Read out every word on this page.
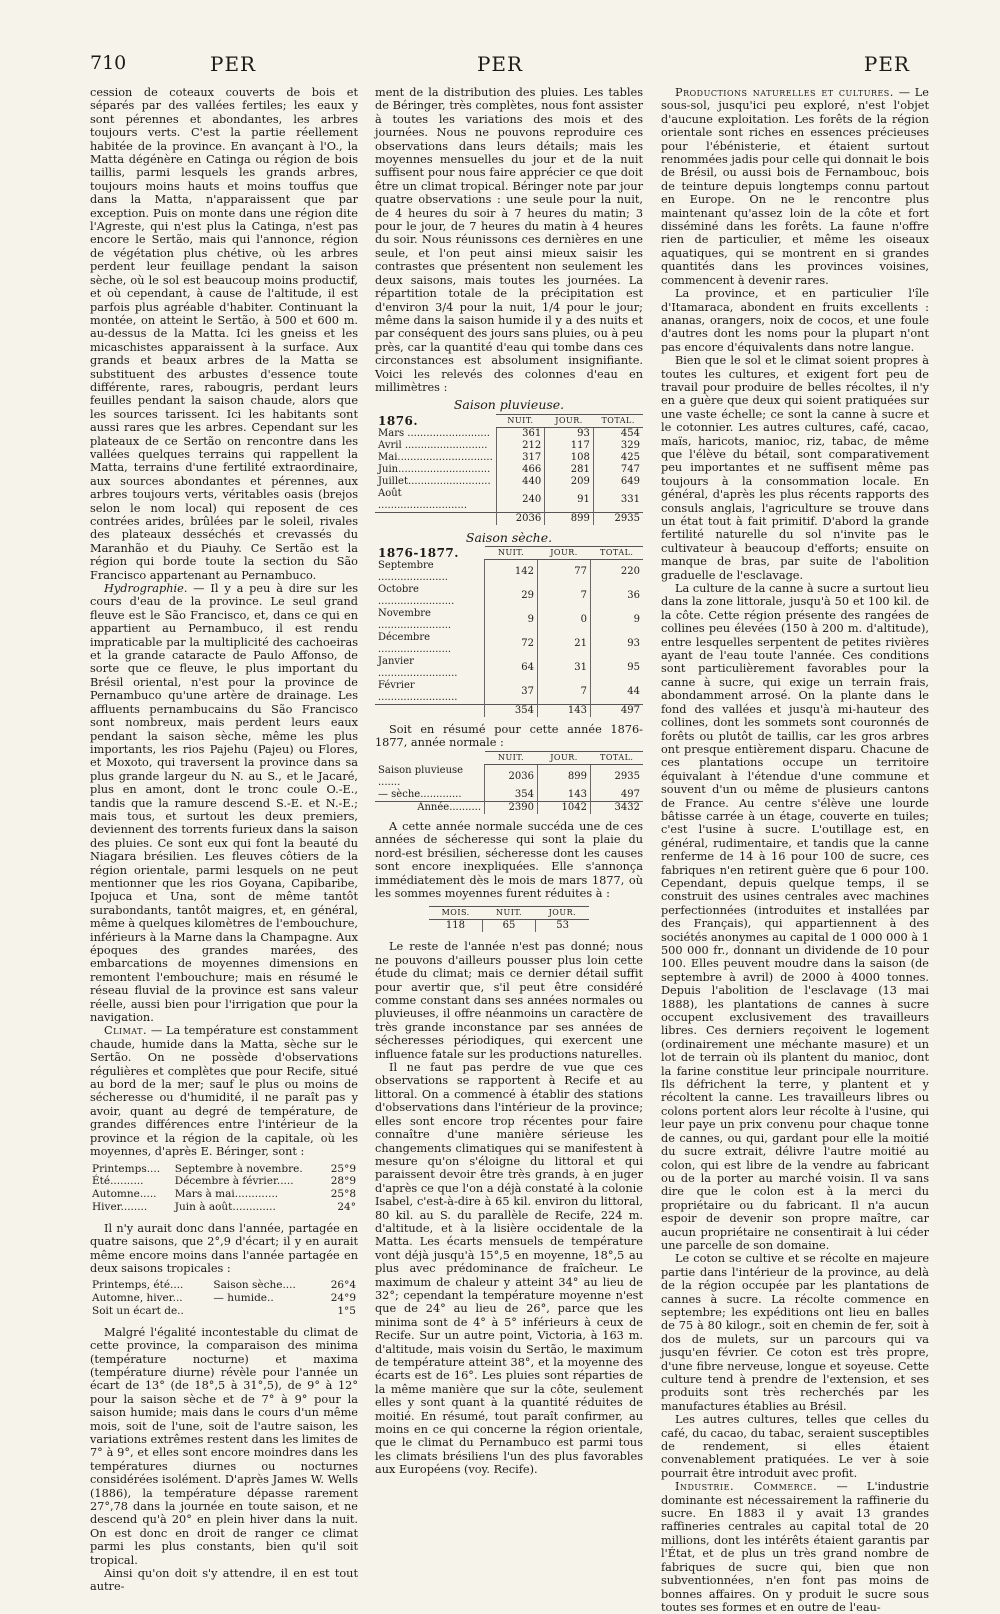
710	PER	PER
PER

cession de coteaux couverts de bois et séparés par des vallées fertiles; les eaux y sont pérennes et abondantes, les arbres toujours verts. C'est la partie réellement habitée de la province. En avançant à l'O., la Matta dégénère en Catinga ou région de bois taillis, parmi lesquels les grands arbres, toujours moins hauts et moins touffus que dans la Matta, n'apparaissent que par exception. Puis on monte dans une région dite l'Agreste, qui n'est plus la Catinga, n'est pas encore le Sertão, mais qui l'annonce, région de végétation plus chétive, où les arbres perdent leur feuillage pendant la saison sèche, où le sol est beaucoup moins productif, et où cependant, à cause de l'altitude, il est parfois plus agréable d'habiter. Continuant la montée, on atteint le Sertão, à 500 et 600 m. au-dessus de la Matta. Ici les gneiss et les micaschistes apparaissent à la surface. Aux grands et beaux arbres de la Matta se substituent des arbustes d'essence toute différente, rares, rabougris, perdant leurs feuilles pendant la saison chaude, alors que les sources tarissent. Ici les habitants sont aussi rares que les arbres. Cependant sur les plateaux de ce Sertão on rencontre dans les vallées quelques terrains qui rappellent la Matta, terrains d'une fertilité extraordinaire, aux sources abondantes et pérennes, aux arbres toujours verts, véritables oasis (brejos selon le nom local) qui reposent de ces contrées arides, brûlées par le soleil, rivales des plateaux desséchés et crevassés du Maranhão et du Piauhy. Ce Sertão est la région qui borde toute la section du São Francisco appartenant au Pernambuco.

Hydrographie. — Il y a peu à dire sur les cours d'eau de la province. Le seul grand fleuve est le São Francisco, et, dans ce qui en appartient au Pernambuco, il est rendu impraticable par la multiplicité des cachoeiras et la grande cataracte de Paulo Affonso, de sorte que ce fleuve, le plus important du Brésil oriental, n'est pour la province de Pernambuco qu'une artère de drainage. Les affluents pernambucains du São Francisco sont nombreux, mais perdent leurs eaux pendant la saison sèche, même les plus importants, les rios Pajehu (Pajeu) ou Flores, et Moxoto, qui traversent la province dans sa plus grande largeur du N. au S., et le Jacaré, plus en amont, dont le tronc coule O.-E., tandis que la ramure descend S.-E. et N.-E.; mais tous, et surtout les deux premiers, deviennent des torrents furieux dans la saison des pluies. Ce sont eux qui font la beauté du Niagara brésilien. Les fleuves côtiers de la région orientale, parmi lesquels on ne peut mentionner que les rios Goyana, Capibaribe, Ipojuca et Una, sont de même tantôt surabondants, tantôt maigres, et, en général, même à quelques kilomètres de l'embouchure, inférieurs à la Marne dans la Champagne. Aux époques des grandes marées, des embarcations de moyennes dimensions en remontent l'embouchure; mais en résumé le réseau fluvial de la province est sans valeur réelle, aussi bien pour l'irrigation que pour la navigation.

Climat. — La température est constamment chaude, humide dans la Matta, sèche sur le Sertão. On ne possède d'observations régulières et complètes que pour Recife, situé au bord de la mer; sauf le plus ou moins de sécheresse ou d'humidité, il ne paraît pas y avoir, quant au degré de température, de grandes différences entre l'intérieur de la province et la région de la capitale, où les moyennes, d'après E. Béringer, sont :

Printemps....	Septembre à novembre.	25°9
Été..........	Décembre à février.....	28°9
Automne.....	Mars à mai.............	25°8
Hiver........	Juin à août.............	24°

Il n'y aurait donc dans l'année, partagée en quatre saisons, que 2°,9 d'écart; il y en aurait même encore moins dans l'année partagée en deux saisons tropicales :

Printemps, été....	Saison sèche....	26°4
Automne, hiver...	— humide..	24°9
Soit un écart de..		1°5

Malgré l'égalité incontestable du climat de cette province, la comparaison des minima (température nocturne) et maxima (température diurne) révèle pour l'année un écart de 13° (de 18°,5 à 31°,5), de 9° à 12° pour la saison sèche et de 7° à 9° pour la saison humide; mais dans le cours d'un même mois, soit de l'une, soit de l'autre saison, les variations extrêmes restent dans les limites de 7° à 9°, et elles sont encore moindres dans les températures diurnes ou nocturnes considérées isolément. D'après James W. Wells (1886), la température dépasse rarement 27°,78 dans la journée en toute saison, et ne descend qu'à 20° en plein hiver dans la nuit. On est donc en droit de ranger ce climat parmi les plus constants, bien qu'il soit tropical.

Ainsi qu'on doit s'y attendre, il en est tout autre-

ment de la distribution des pluies. Les tables de Béringer, très complètes, nous font assister à toutes les variations des mois et des journées. Nous ne pouvons reproduire ces observations dans leurs détails; mais les moyennes mensuelles du jour et de la nuit suffisent pour nous faire apprécier ce que doit être un climat tropical. Béringer note par jour quatre observations : une seule pour la nuit, de 4 heures du soir à 7 heures du matin; 3 pour le jour, de 7 heures du matin à 4 heures du soir. Nous réunissons ces dernières en une seule, et l'on peut ainsi mieux saisir les contrastes que présentent non seulement les deux saisons, mais toutes les journées. La répartition totale de la précipitation est d'environ 3/4 pour la nuit, 1/4 pour le jour; même dans la saison humide il y a des nuits et par conséquent des jours sans pluies, ou à peu près, car la quantité d'eau qui tombe dans ces circonstances est absolument insignifiante. Voici les relevés des colonnes d'eau en millimètres :

Saison pluvieuse.
1876.	NUIT.	JOUR.	TOTAL.
Mars ..........................	361	93	454
Avril ..........................	212	117	329
Mai..............................	317	108	425
Juin.............................	466	281	747
Juillet..........................	440	209	649
Août ............................	240	91	331
	2036	899	2935
Saison sèche.
1876-1877.	NUIT.	JOUR.	TOTAL.
Septembre ......................	142	77	220
Octobre ........................	29	7	36
Novembre .......................	9	0	9
Décembre .......................	72	21	93
Janvier .........................	64	31	95
Février .........................	37	7	44
	354	143	497

Soit en résumé pour cette année 1876-1877, année normale :

	NUIT.	JOUR.	TOTAL.
Saison pluvieuse .......	2036	899	2935
— sèche.............	354	143	497
Année..........	2390	1042	3432

A cette année normale succéda une de ces années de sécheresse qui sont la plaie du nord-est brésilien, sécheresse dont les causes sont encore inexpliquées. Elle s'annonça immédiatement dès le mois de mars 1877, où les sommes moyennes furent réduites à :

MOIS.	NUIT.	JOUR.
118	65	53

Le reste de l'année n'est pas donné; nous ne pouvons d'ailleurs pousser plus loin cette étude du climat; mais ce dernier détail suffit pour avertir que, s'il peut être considéré comme constant dans ses années normales ou pluvieuses, il offre néanmoins un caractère de très grande inconstance par ses années de sécheresses périodiques, qui exercent une influence fatale sur les productions naturelles.

Il ne faut pas perdre de vue que ces observations se rapportent à Recife et au littoral. On a commencé à établir des stations d'observations dans l'intérieur de la province; elles sont encore trop récentes pour faire connaître d'une manière sérieuse les changements climatiques qui se manifestent à mesure qu'on s'éloigne du littoral et qui paraissent devoir être très grands, à en juger d'après ce que l'on a déjà constaté à la colonie Isabel, c'est-à-dire à 65 kil. environ du littoral, 80 kil. au S. du parallèle de Recife, 224 m. d'altitude, et à la lisière occidentale de la Matta. Les écarts mensuels de température vont déjà jusqu'à 15°,5 en moyenne, 18°,5 au plus avec prédominance de fraîcheur. Le maximum de chaleur y atteint 34° au lieu de 32°; cependant la température moyenne n'est que de 24° au lieu de 26°, parce que les minima sont de 4° à 5° inférieurs à ceux de Recife. Sur un autre point, Victoria, à 163 m. d'altitude, mais voisin du Sertão, le maximum de température atteint 38°, et la moyenne des écarts est de 16°. Les pluies sont réparties de la même manière que sur la côte, seulement elles y sont quant à la quantité réduites de moitié. En résumé, tout paraît confirmer, au moins en ce qui concerne la région orientale, que le climat du Pernambuco est parmi tous les climats brésiliens l'un des plus favorables aux Européens (voy. Recife).

Productions naturelles et cultures. — Le sous-sol, jusqu'ici peu exploré, n'est l'objet d'aucune exploitation. Les forêts de la région orientale sont riches en essences précieuses pour l'ébénisterie, et étaient surtout renommées jadis pour celle qui donnait le bois de Brésil, ou aussi bois de Fernambouc, bois de teinture depuis longtemps connu partout en Europe. On ne le rencontre plus maintenant qu'assez loin de la côte et fort disséminé dans les forêts. La faune n'offre rien de particulier, et même les oiseaux aquatiques, qui se montrent en si grandes quantités dans les provinces voisines, commencent à devenir rares.

La province, et en particulier l'île d'Itamaraca, abondent en fruits excellents : ananas, orangers, noix de cocos, et une foule d'autres dont les noms pour la plupart n'ont pas encore d'équivalents dans notre langue.

Bien que le sol et le climat soient propres à toutes les cultures, et exigent fort peu de travail pour produire de belles récoltes, il n'y en a guère que deux qui soient pratiquées sur une vaste échelle; ce sont la canne à sucre et le cotonnier. Les autres cultures, café, cacao, maïs, haricots, manioc, riz, tabac, de même que l'élève du bétail, sont comparativement peu importantes et ne suffisent même pas toujours à la consommation locale. En général, d'après les plus récents rapports des consuls anglais, l'agriculture se trouve dans un état tout à fait primitif. D'abord la grande fertilité naturelle du sol n'invite pas le cultivateur à beaucoup d'efforts; ensuite on manque de bras, par suite de l'abolition graduelle de l'esclavage.

La culture de la canne à sucre a surtout lieu dans la zone littorale, jusqu'à 50 et 100 kil. de la côte. Cette région présente des rangées de collines peu élevées (150 à 200 m. d'altitude), entre lesquelles serpentent de petites rivières ayant de l'eau toute l'année. Ces conditions sont particulièrement favorables pour la canne à sucre, qui exige un terrain frais, abondamment arrosé. On la plante dans le fond des vallées et jusqu'à mi-hauteur des collines, dont les sommets sont couronnés de forêts ou plutôt de taillis, car les gros arbres ont presque entièrement disparu. Chacune de ces plantations occupe un territoire équivalant à l'étendue d'une commune et souvent d'un ou même de plusieurs cantons de France. Au centre s'élève une lourde bâtisse carrée à un étage, couverte en tuiles; c'est l'usine à sucre. L'outillage est, en général, rudimentaire, et tandis que la canne renferme de 14 à 16 pour 100 de sucre, ces fabriques n'en retirent guère que 6 pour 100. Cependant, depuis quelque temps, il se construit des usines centrales avec machines perfectionnées (introduites et installées par des Français), qui appartiennent à des sociétés anonymes au capital de 1 000 000 à 1 500 000 fr., donnant un dividende de 10 pour 100. Elles peuvent moudre dans la saison (de septembre à avril) de 2000 à 4000 tonnes. Depuis l'abolition de l'esclavage (13 mai 1888), les plantations de cannes à sucre occupent exclusivement des travailleurs libres. Ces derniers reçoivent le logement (ordinairement une méchante masure) et un lot de terrain où ils plantent du manioc, dont la farine constitue leur principale nourriture. Ils défrichent la terre, y plantent et y récoltent la canne. Les travailleurs libres ou colons portent alors leur récolte à l'usine, qui leur paye un prix convenu pour chaque tonne de cannes, ou qui, gardant pour elle la moitié du sucre extrait, délivre l'autre moitié au colon, qui est libre de la vendre au fabricant ou de la porter au marché voisin. Il va sans dire que le colon est à la merci du propriétaire ou du fabricant. Il n'a aucun espoir de devenir son propre maître, car aucun propriétaire ne consentirait à lui céder une parcelle de son domaine.

Le coton se cultive et se récolte en majeure partie dans l'intérieur de la province, au delà de la région occupée par les plantations de cannes à sucre. La récolte commence en septembre; les expéditions ont lieu en balles de 75 à 80 kilogr., soit en chemin de fer, soit à dos de mulets, sur un parcours qui va jusqu'en février. Ce coton est très propre, d'une fibre nerveuse, longue et soyeuse. Cette culture tend à prendre de l'extension, et ses produits sont très recherchés par les manufactures établies au Brésil.

Les autres cultures, telles que celles du café, du cacao, du tabac, seraient susceptibles de rendement, si elles étaient convenablement pratiquées. Le ver à soie pourrait être introduit avec profit.

Industrie. Commerce. — L'industrie dominante est nécessairement la raffinerie du sucre. En 1883 il y avait 13 grandes raffineries centrales au capital total de 20 millions, dont les intérêts étaient garantis par l'État, et de plus un très grand nombre de fabriques de sucre qui, bien que non subventionnées, n'en font pas moins de bonnes affaires. On y produit le sucre sous toutes ses formes et en outre de l'eau-
